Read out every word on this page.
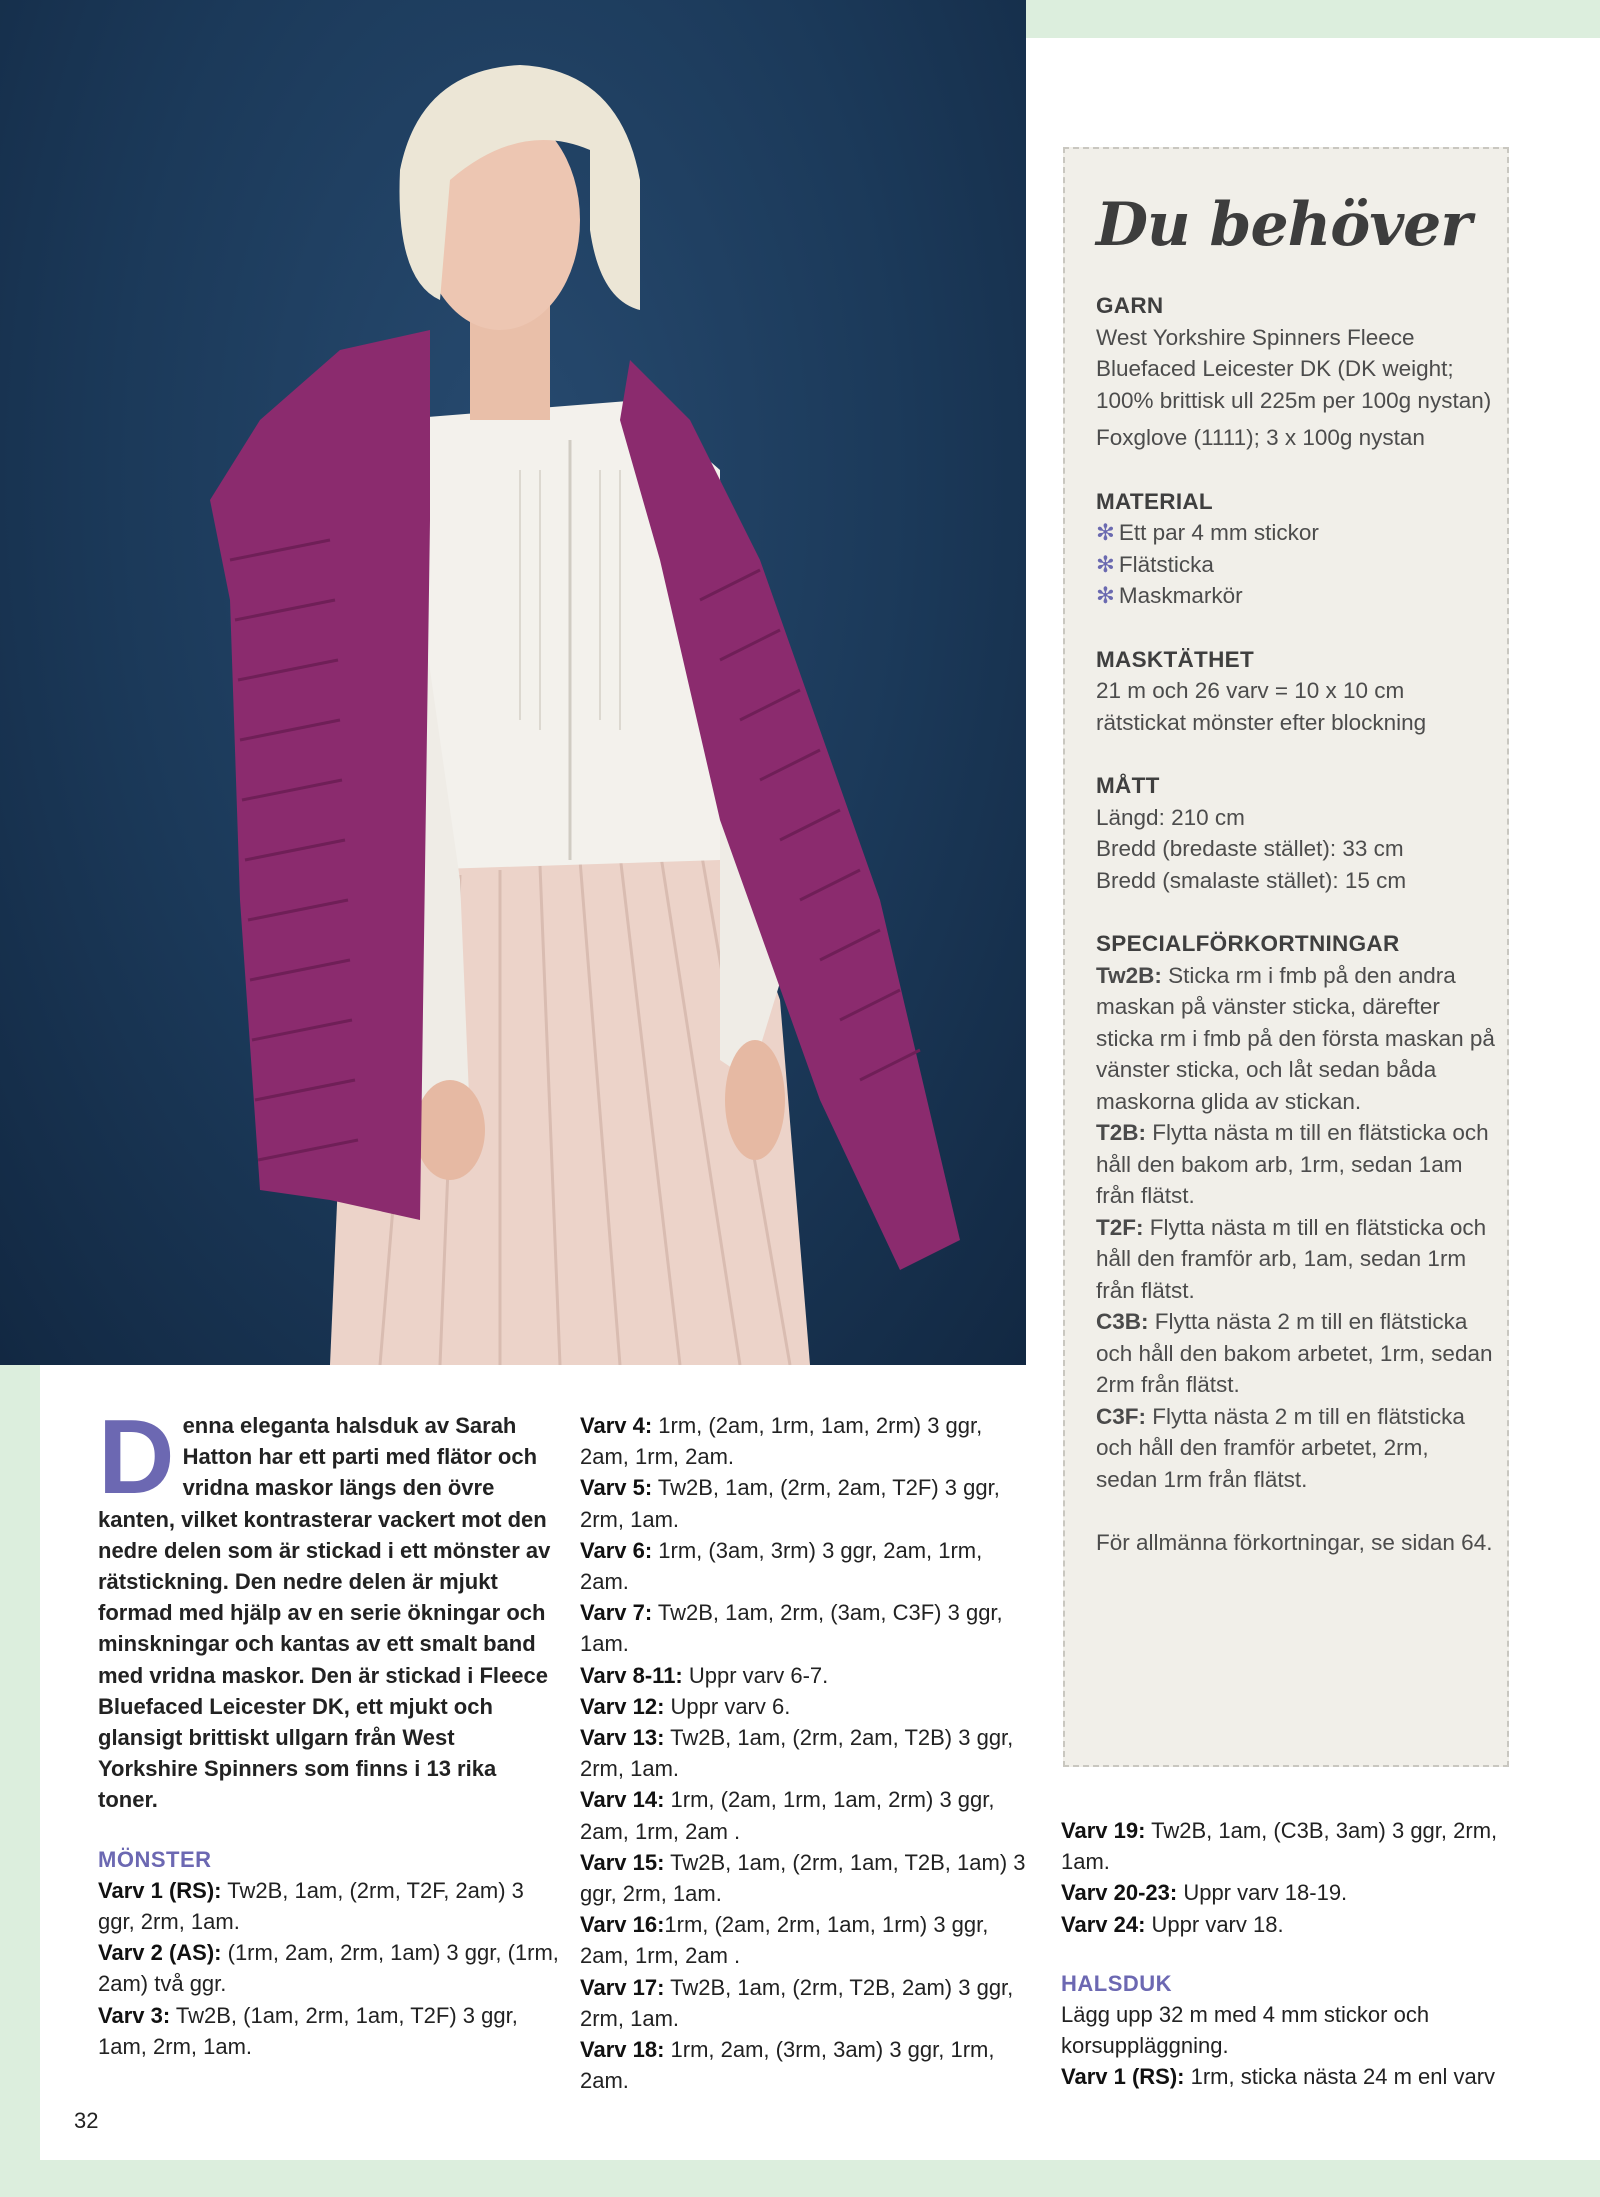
Du behöver
GARN

West Yorkshire Spinners Fleece Bluefaced Leicester DK (DK weight; 100% brittisk ull 225m per 100g nystan)

Foxglove (1111); 3 x 100g nystan

MATERIAL
✻ Ett par 4 mm stickor
✻ Flätsticka
✻ Maskmarkör
MASKTÄTHET

21 m och 26 varv = 10 x 10 cm rätstickat mönster efter blockning

MÅTT
Längd: 210 cm
Bredd (bredaste stället): 33 cm
Bredd (smalaste stället): 15 cm
SPECIALFÖRKORTNINGAR

Tw2B: Sticka rm i fmb på den andra maskan på vänster sticka, därefter sticka rm i fmb på den första maskan på vänster sticka, och låt sedan båda maskorna glida av stickan.

T2B: Flytta nästa m till en flätsticka och håll den bakom arb, 1rm, sedan 1am från flätst.

T2F: Flytta nästa m till en flätsticka och håll den framför arb, 1am, sedan 1rm från flätst.

C3B: Flytta nästa 2 m till en flätsticka och håll den bakom arbetet, 1rm, sedan 2rm från flätst.

C3F: Flytta nästa 2 m till en flätsticka och håll den framför arbetet, 2rm, sedan 1rm från flätst.

För allmänna förkortningar, se sidan 64.

D enna eleganta halsduk av Sarah Hatton har ett parti med flätor och vridna maskor längs den övre kanten, vilket kontrasterar vackert mot den nedre delen som är stickad i ett mönster av rätstickning. Den nedre delen är mjukt formad med hjälp av en serie ökningar och minskningar och kantas av ett smalt band med vridna maskor. Den är stickad i Fleece Bluefaced Leicester DK, ett mjukt och glansigt brittiskt ullgarn från West Yorkshire Spinners som finns i 13 rika toner.
MÖNSTER

Varv 1 (RS): Tw2B, 1am, (2rm, T2F, 2am) 3 ggr, 2rm, 1am.

Varv 2 (AS): (1rm, 2am, 2rm, 1am) 3 ggr, (1rm, 2am) två ggr.

Varv 3: Tw2B, (1am, 2rm, 1am, T2F) 3 ggr, 1am, 2rm, 1am.

Varv 4: 1rm, (2am, 1rm, 1am, 2rm) 3 ggr, 2am, 1rm, 2am.

Varv 5: Tw2B, 1am, (2rm, 2am, T2F) 3 ggr, 2rm, 1am.

Varv 6: 1rm, (3am, 3rm) 3 ggr, 2am, 1rm, 2am.

Varv 7: Tw2B, 1am, 2rm, (3am, C3F) 3 ggr, 1am.

Varv 8-11: Uppr varv 6-7.

Varv 12: Uppr varv 6.

Varv 13: Tw2B, 1am, (2rm, 2am, T2B) 3 ggr, 2rm, 1am.

Varv 14: 1rm, (2am, 1rm, 1am, 2rm) 3 ggr, 2am, 1rm, 2am .

Varv 15: Tw2B, 1am, (2rm, 1am, T2B, 1am) 3 ggr, 2rm, 1am.

Varv 16:1rm, (2am, 2rm, 1am, 1rm) 3 ggr, 2am, 1rm, 2am .

Varv 17: Tw2B, 1am, (2rm, T2B, 2am) 3 ggr, 2rm, 1am.

Varv 18: 1rm, 2am, (3rm, 3am) 3 ggr, 1rm, 2am.

Varv 19: Tw2B, 1am, (C3B, 3am) 3 ggr, 2rm, 1am.

Varv 20-23: Uppr varv 18-19.

Varv 24: Uppr varv 18.

HALSDUK

Lägg upp 32 m med 4 mm stickor och korsuppläggning.

Varv 1 (RS): 1rm, sticka nästa 24 m enl varv

32
